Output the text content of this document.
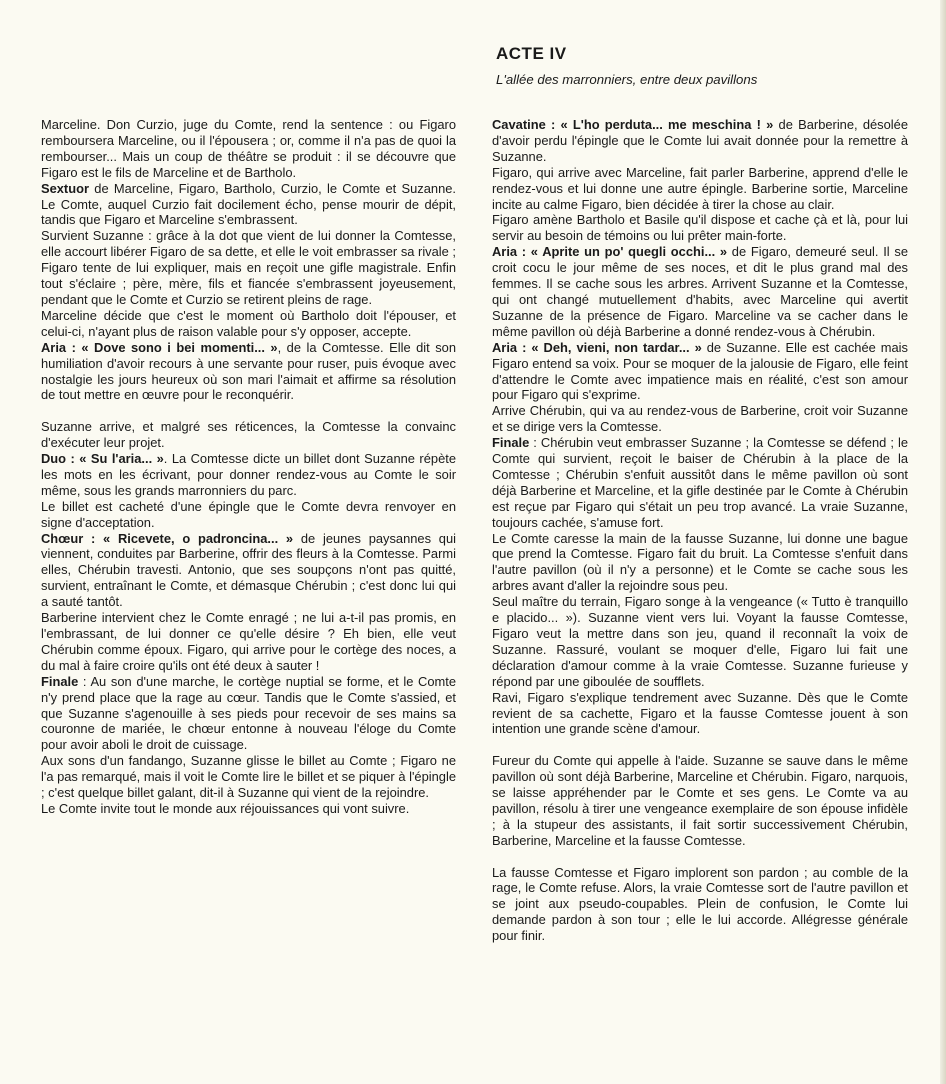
ACTE IV
L'allée des marronniers, entre deux pavillons

Marceline. Don Curzio, juge du Comte, rend la sentence : ou Figaro remboursera Marceline, ou il l'épousera ; or, comme il n'a pas de quoi la rembourser... Mais un coup de théâtre se produit : il se découvre que Figaro est le fils de Marceline et de Bartholo.

Sextuor de Marceline, Figaro, Bartholo, Curzio, le Comte et Suzanne. Le Comte, auquel Curzio fait docilement écho, pense mourir de dépit, tandis que Figaro et Marceline s'embrassent.

Survient Suzanne : grâce à la dot que vient de lui donner la Comtesse, elle accourt libérer Figaro de sa dette, et elle le voit embrasser sa rivale ; Figaro tente de lui expliquer, mais en reçoit une gifle magistrale. Enfin tout s'éclaire ; père, mère, fils et fiancée s'embrassent joyeusement, pendant que le Comte et Curzio se retirent pleins de rage.

Marceline décide que c'est le moment où Bartholo doit l'épouser, et celui-ci, n'ayant plus de raison valable pour s'y opposer, accepte.

Aria : « Dove sono i bei momenti... », de la Comtesse. Elle dit son humiliation d'avoir recours à une servante pour ruser, puis évoque avec nostalgie les jours heureux où son mari l'aimait et affirme sa résolution de tout mettre en œuvre pour le reconquérir.

Suzanne arrive, et malgré ses réticences, la Comtesse la convainc d'exécuter leur projet.

Duo : « Su l'aria... ». La Comtesse dicte un billet dont Suzanne répète les mots en les écrivant, pour donner rendez-vous au Comte le soir même, sous les grands marronniers du parc.

Le billet est cacheté d'une épingle que le Comte devra renvoyer en signe d'acceptation.

Chœur : « Ricevete, o padroncina... » de jeunes paysannes qui viennent, conduites par Barberine, offrir des fleurs à la Comtesse. Parmi elles, Chérubin travesti. Antonio, que ses soupçons n'ont pas quitté, survient, entraînant le Comte, et démasque Chérubin ; c'est donc lui qui a sauté tantôt.

Barberine intervient chez le Comte enragé ; ne lui a-t-il pas promis, en l'embrassant, de lui donner ce qu'elle désire ? Eh bien, elle veut Chérubin comme époux. Figaro, qui arrive pour le cortège des noces, a du mal à faire croire qu'ils ont été deux à sauter !

Finale : Au son d'une marche, le cortège nuptial se forme, et le Comte n'y prend place que la rage au cœur. Tandis que le Comte s'assied, et que Suzanne s'agenouille à ses pieds pour recevoir de ses mains sa couronne de mariée, le chœur entonne à nouveau l'éloge du Comte pour avoir aboli le droit de cuissage.

Aux sons d'un fandango, Suzanne glisse le billet au Comte ; Figaro ne l'a pas remarqué, mais il voit le Comte lire le billet et se piquer à l'épingle ; c'est quelque billet galant, dit-il à Suzanne qui vient de la rejoindre.

Le Comte invite tout le monde aux réjouissances qui vont suivre.

Cavatine : « L'ho perduta... me meschina ! » de Barberine, désolée d'avoir perdu l'épingle que le Comte lui avait donnée pour la remettre à Suzanne.

Figaro, qui arrive avec Marceline, fait parler Barberine, apprend d'elle le rendez-vous et lui donne une autre épingle. Barberine sortie, Marceline incite au calme Figaro, bien décidée à tirer la chose au clair.

Figaro amène Bartholo et Basile qu'il dispose et cache çà et là, pour lui servir au besoin de témoins ou lui prêter main-forte.

Aria : « Aprite un po' quegli occhi... » de Figaro, demeuré seul. Il se croit cocu le jour même de ses noces, et dit le plus grand mal des femmes. Il se cache sous les arbres. Arrivent Suzanne et la Comtesse, qui ont changé mutuellement d'habits, avec Marceline qui avertit Suzanne de la présence de Figaro. Marceline va se cacher dans le même pavillon où déjà Barberine a donné rendez-vous à Chérubin.

Aria : « Deh, vieni, non tardar... » de Suzanne. Elle est cachée mais Figaro entend sa voix. Pour se moquer de la jalousie de Figaro, elle feint d'attendre le Comte avec impatience mais en réalité, c'est son amour pour Figaro qui s'exprime.

Arrive Chérubin, qui va au rendez-vous de Barberine, croit voir Suzanne et se dirige vers la Comtesse.

Finale : Chérubin veut embrasser Suzanne ; la Comtesse se défend ; le Comte qui survient, reçoit le baiser de Chérubin à la place de la Comtesse ; Chérubin s'enfuit aussitôt dans le même pavillon où sont déjà Barberine et Marceline, et la gifle destinée par le Comte à Chérubin est reçue par Figaro qui s'était un peu trop avancé. La vraie Suzanne, toujours cachée, s'amuse fort.

Le Comte caresse la main de la fausse Suzanne, lui donne une bague que prend la Comtesse. Figaro fait du bruit. La Comtesse s'enfuit dans l'autre pavillon (où il n'y a personne) et le Comte se cache sous les arbres avant d'aller la rejoindre sous peu.

Seul maître du terrain, Figaro songe à la vengeance (« Tutto è tranquillo e placido... »). Suzanne vient vers lui. Voyant la fausse Comtesse, Figaro veut la mettre dans son jeu, quand il reconnaît la voix de Suzanne. Rassuré, voulant se moquer d'elle, Figaro lui fait une déclaration d'amour comme à la vraie Comtesse. Suzanne furieuse y répond par une giboulée de soufflets.

Ravi, Figaro s'explique tendrement avec Suzanne. Dès que le Comte revient de sa cachette, Figaro et la fausse Comtesse jouent à son intention une grande scène d'amour.

Fureur du Comte qui appelle à l'aide. Suzanne se sauve dans le même pavillon où sont déjà Barberine, Marceline et Chérubin. Figaro, narquois, se laisse appréhender par le Comte et ses gens. Le Comte va au pavillon, résolu à tirer une vengeance exemplaire de son épouse infidèle ; à la stupeur des assistants, il fait sortir successivement Chérubin, Barberine, Marceline et la fausse Comtesse.

La fausse Comtesse et Figaro implorent son pardon ; au comble de la rage, le Comte refuse. Alors, la vraie Comtesse sort de l'autre pavillon et se joint aux pseudo-coupables. Plein de confusion, le Comte lui demande pardon à son tour ; elle le lui accorde. Allégresse générale pour finir.
